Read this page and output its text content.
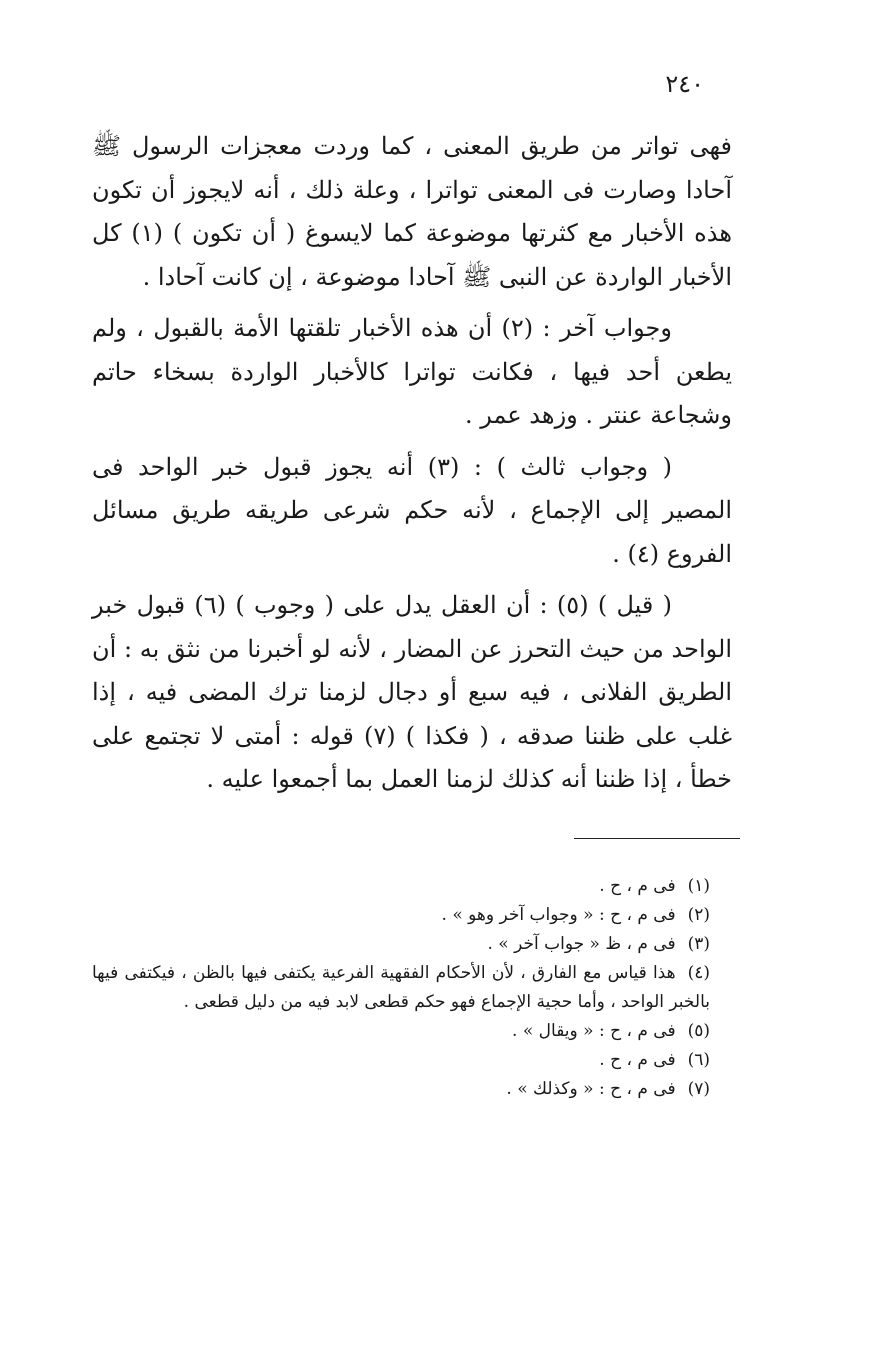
٢٤٠

فهى تواتر من طريق المعنى ، كما وردت معجزات الرسول ﷺ آحادا وصارت فى المعنى تواترا ، وعلة ذلك ، أنه لايجوز أن تكون هذه الأخبار مع كثرتها موضوعة كما لايسوغ ( أن تكون ) (١) كل الأخبار الواردة عن النبى ﷺ آحادا موضوعة ، إن كانت آحادا .

وجواب آخر : (٢) أن هذه الأخبار تلقتها الأمة بالقبول ، ولم يطعن أحد فيها ، فكانت تواترا كالأخبار الواردة بسخاء حاتم وشجاعة عنتر . وزهد عمر .

( وجواب ثالث ) : (٣) أنه يجوز قبول خبر الواحد فى المصير إلى الإجماع ، لأنه حكم شرعى طريقه طريق مسائل الفروع (٤) .

( قيل ) (٥) : أن العقل يدل على ( وجوب ) (٦) قبول خبر الواحد من حيث التحرز عن المضار ، لأنه لو أخبرنا من نثق به : أن الطريق الفلانى ، فيه سبع أو دجال لزمنا ترك المضى فيه ، إذا غلب على ظننا صدقه ، ( فكذا ) (٧) قوله : أمتى لا تجتمع على خطأ ، إذا ظننا أنه كذلك لزمنا العمل بما أجمعوا عليه .

(١)فى م ، ح .
(٢)فى م ، ح : « وجواب آخر وهو » .
(٣)فى م ، ظ « جواب آخر » .
(٤)هذا قياس مع الفارق ، لأن الأحكام الفقهية الفرعية يكتفى فيها بالظن ، فيكتفى فيها بالخبر الواحد ، وأما حجية الإجماع فهو حكم قطعى لابد فيه من دليل قطعى .
(٥)فى م ، ح : « ويقال » .
(٦)فى م ، ح .
(٧)فى م ، ح : « وكذلك » .
